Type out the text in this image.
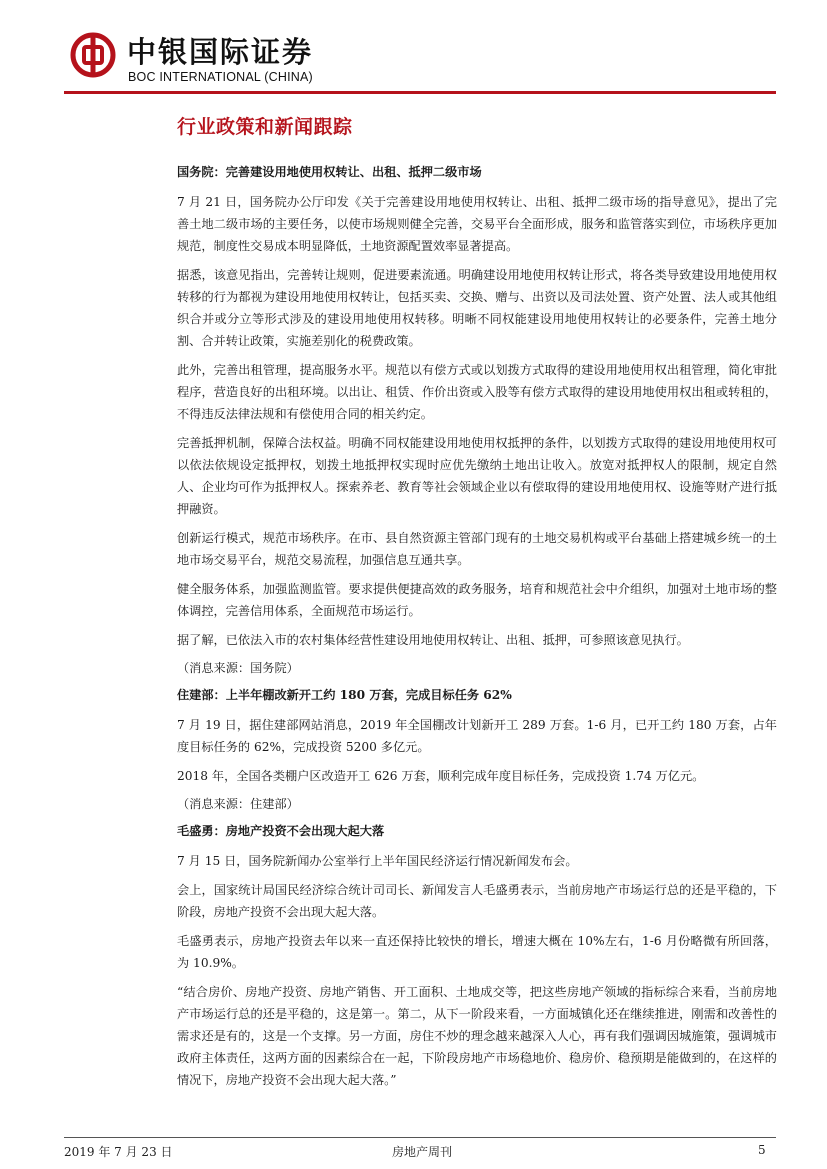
中银国际证券
BOC INTERNATIONAL (CHINA)
行业政策和新闻跟踪
国务院：完善建设用地使用权转让、出租、抵押二级市场

7 月 21 日，国务院办公厅印发《关于完善建设用地使用权转让、出租、抵押二级市场的指导意见》，提出了完善土地二级市场的主要任务，以使市场规则健全完善，交易平台全面形成，服务和监管落实到位，市场秩序更加规范，制度性交易成本明显降低，土地资源配置效率显著提高。

据悉，该意见指出，完善转让规则，促进要素流通。明确建设用地使用权转让形式，将各类导致建设用地使用权转移的行为都视为建设用地使用权转让，包括买卖、交换、赠与、出资以及司法处置、资产处置、法人或其他组织合并或分立等形式涉及的建设用地使用权转移。明晰不同权能建设用地使用权转让的必要条件，完善土地分割、合并转让政策，实施差别化的税费政策。

此外，完善出租管理，提高服务水平。规范以有偿方式或以划拨方式取得的建设用地使用权出租管理，简化审批程序，营造良好的出租环境。以出让、租赁、作价出资或入股等有偿方式取得的建设用地使用权出租或转租的，不得违反法律法规和有偿使用合同的相关约定。

完善抵押机制，保障合法权益。明确不同权能建设用地使用权抵押的条件，以划拨方式取得的建设用地使用权可以依法依规设定抵押权，划拨土地抵押权实现时应优先缴纳土地出让收入。放宽对抵押权人的限制，规定自然人、企业均可作为抵押权人。探索养老、教育等社会领域企业以有偿取得的建设用地使用权、设施等财产进行抵押融资。

创新运行模式，规范市场秩序。在市、县自然资源主管部门现有的土地交易机构或平台基础上搭建城乡统一的土地市场交易平台，规范交易流程，加强信息互通共享。

健全服务体系，加强监测监管。要求提供便捷高效的政务服务，培育和规范社会中介组织，加强对土地市场的整体调控，完善信用体系，全面规范市场运行。

据了解，已依法入市的农村集体经营性建设用地使用权转让、出租、抵押，可参照该意见执行。

（消息来源：国务院）

住建部：上半年棚改新开工约 180 万套，完成目标任务 62%

7 月 19 日，据住建部网站消息，2019 年全国棚改计划新开工 289 万套。1-6 月，已开工约 180 万套，占年度目标任务的 62%，完成投资 5200 多亿元。

2018 年，全国各类棚户区改造开工 626 万套，顺利完成年度目标任务，完成投资 1.74 万亿元。

（消息来源：住建部）

毛盛勇：房地产投资不会出现大起大落

7 月 15 日，国务院新闻办公室举行上半年国民经济运行情况新闻发布会。

会上，国家统计局国民经济综合统计司司长、新闻发言人毛盛勇表示，当前房地产市场运行总的还是平稳的，下阶段，房地产投资不会出现大起大落。

毛盛勇表示，房地产投资去年以来一直还保持比较快的增长，增速大概在 10%左右，1-6 月份略微有所回落，为 10.9%。

“结合房价、房地产投资、房地产销售、开工面积、土地成交等，把这些房地产领域的指标综合来看，当前房地产市场运行总的还是平稳的，这是第一。第二，从下一阶段来看，一方面城镇化还在继续推进，刚需和改善性的需求还是有的，这是一个支撑。另一方面，房住不炒的理念越来越深入人心，再有我们强调因城施策，强调城市政府主体责任，这两方面的因素综合在一起，下阶段房地产市场稳地价、稳房价、稳预期是能做到的，在这样的情况下，房地产投资不会出现大起大落。”

2019 年 7 月 23 日	房地产周刊	5
